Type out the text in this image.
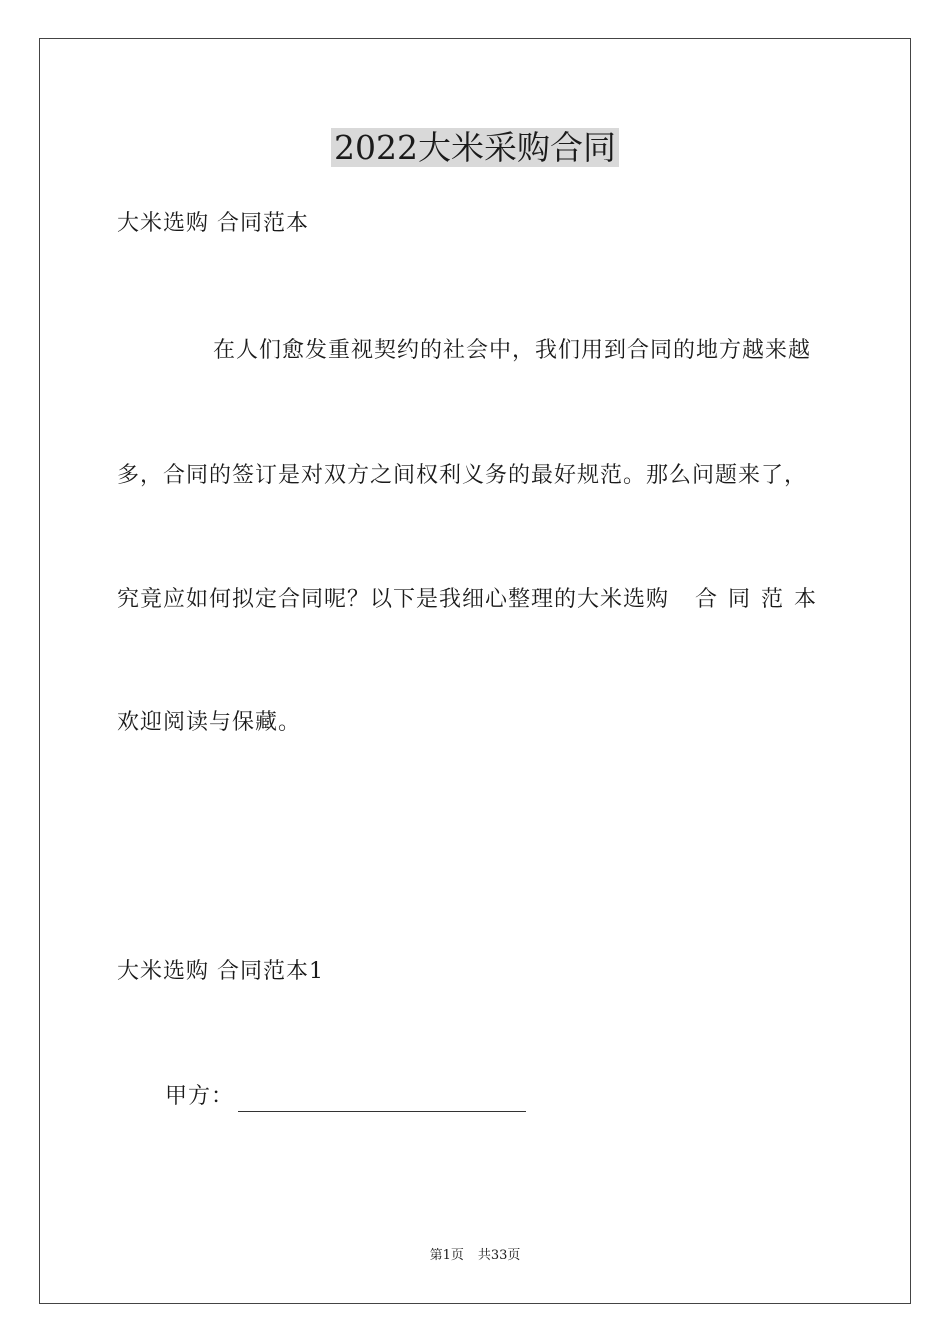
2022大米采购合同
大米选购 合同范本
在人们愈发重视契约的社会中，我们用到合同的地方越来越
多，合同的签订是对双方之间权利义务的最好规范。那么问题来了，
究竟应如何拟定合同呢？以下是我细心整理的大米选购 合同范本
欢迎阅读与保藏。
大米选购 合同范本1
甲方：
第1页 共33页
